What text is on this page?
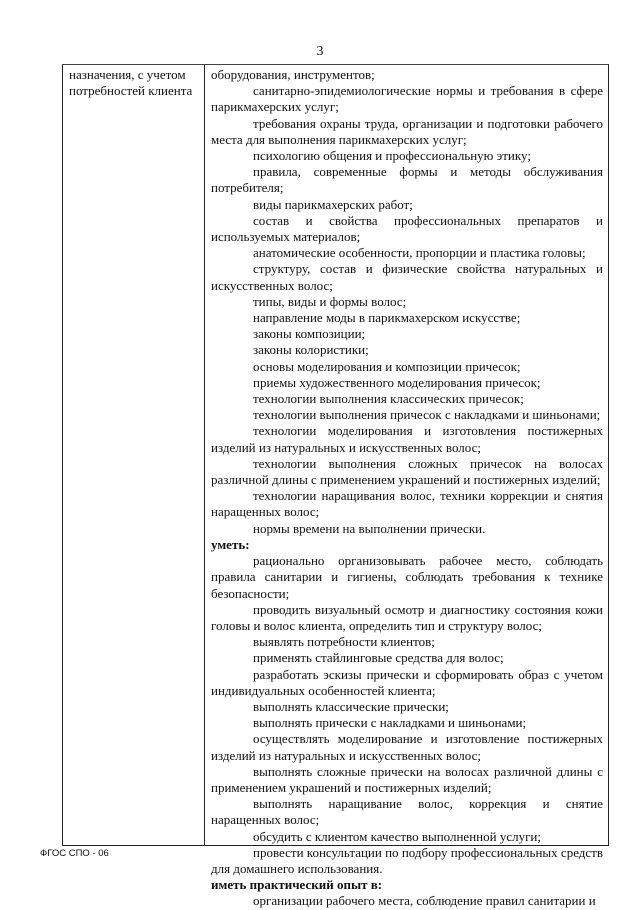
3
назначения, с учетом потребностей клиента

оборудования, инструментов;

санитарно-эпидемиологические нормы и требования в сфере парикмахерских услуг;

требования охраны труда, организации и подготовки рабочего места для выполнения парикмахерских услуг;

психологию общения и профессиональную этику;

правила, современные формы и методы обслуживания потребителя;

виды парикмахерских работ;

состав и свойства профессиональных препаратов и используемых материалов;

анатомические особенности, пропорции и пластика головы;

структуру, состав и физические свойства натуральных и искусственных волос;

типы, виды и формы волос;

направление моды в парикмахерском искусстве;

законы композиции;

законы колористики;

основы моделирования и композиции причесок;

приемы художественного моделирования причесок;

технологии выполнения классических причесок;

технологии выполнения причесок с накладками и шиньонами;

технологии моделирования и изготовления постижерных изделий из натуральных и искусственных волос;

технологии выполнения сложных причесок на волосах различной длины с применением украшений и постижерных изделий;

технологии наращивания волос, техники коррекции и снятия наращенных волос;

нормы времени на выполнении прически.

уметь:

рационально организовывать рабочее место, соблюдать правила санитарии и гигиены, соблюдать требования к технике безопасности;

проводить визуальный осмотр и диагностику состояния кожи головы и волос клиента, определить тип и структуру волос;

выявлять потребности клиентов;

применять стайлинговые средства для волос;

разработать эскизы прически и сформировать образ с учетом индивидуальных особенностей клиента;

выполнять классические прически;

выполнять прически с накладками и шиньонами;

осуществлять моделирование и изготовление постижерных изделий из натуральных и искусственных волос;

выполнять сложные прически на волосах различной длины с применением украшений и постижерных изделий;

выполнять наращивание волос, коррекция и снятие наращенных волос;

обсудить с клиентом качество выполненной услуги;

провести консультации по подбору профессиональных средств для домашнего использования.

иметь практический опыт в:

организации рабочего места, соблюдение правил санитарии и

ФГОС СПО - 06
